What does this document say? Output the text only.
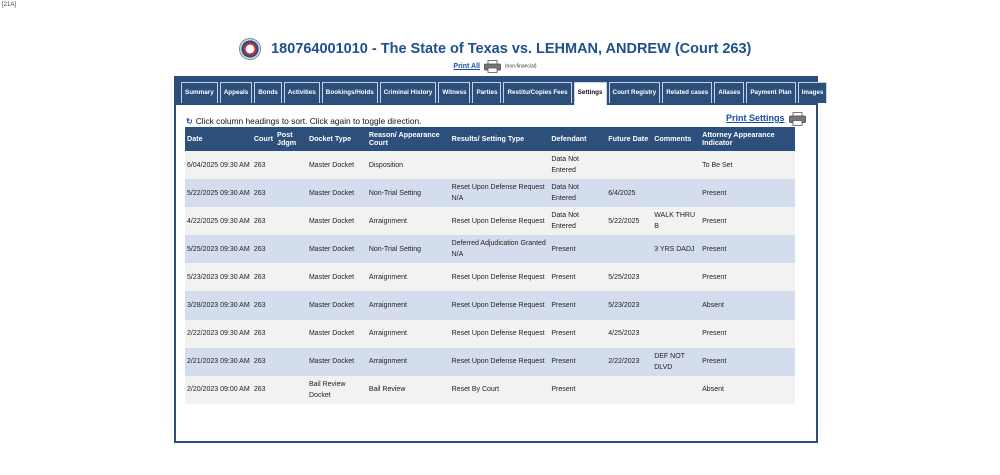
[21A]
180764001010 - The State of Texas vs. LEHMAN, ANDREW (Court 263)
Print All	(non-financial)
Summary	Appeals	Bonds	Activities	Bookings/Holds	Criminal History	Witness	Parties	Restitu/Copies Fees	Settings	Court Registry	Related cases	Aliases	Payment Plan	Images
↻ Click column headings to sort. Click again to toggle direction.	Print Settings
Date	Court	Post Jdgm	Docket Type	Reason/ Appearance Court	Results/ Setting Type	Defendant	Future Date	Comments	Attorney Appearance Indicator
6/04/2025 09:30 AM	263		Master Docket	Disposition		Data Not Entered			To Be Set
5/22/2025 09:30 AM	263		Master Docket	Non-Trial Setting	Reset Upon Defense Request N/A	Data Not Entered	6/4/2025		Present
4/22/2025 09:30 AM	263		Master Docket	Arraignment	Reset Upon Defense Request	Data Not Entered	5/22/2025	WALK THRU B	Present
5/25/2023 09:30 AM	263		Master Docket	Non-Trial Setting	Deferred Adjudication Granted N/A	Present		3 YRS DADJ	Present
5/23/2023 09:30 AM	263		Master Docket	Arraignment	Reset Upon Defense Request	Present	5/25/2023		Present
3/28/2023 09:30 AM	263		Master Docket	Arraignment	Reset Upon Defense Request	Present	5/23/2023		Absent
2/22/2023 09:30 AM	263		Master Docket	Arraignment	Reset Upon Defense Request	Present	4/25/2023		Present
2/21/2023 09:30 AM	263		Master Docket	Arraignment	Reset Upon Defense Request	Present	2/22/2023	DEF NOT DLVD	Present
2/20/2023 09:00 AM	263		Bail Review Docket	Bail Review	Reset By Court	Present			Absent
